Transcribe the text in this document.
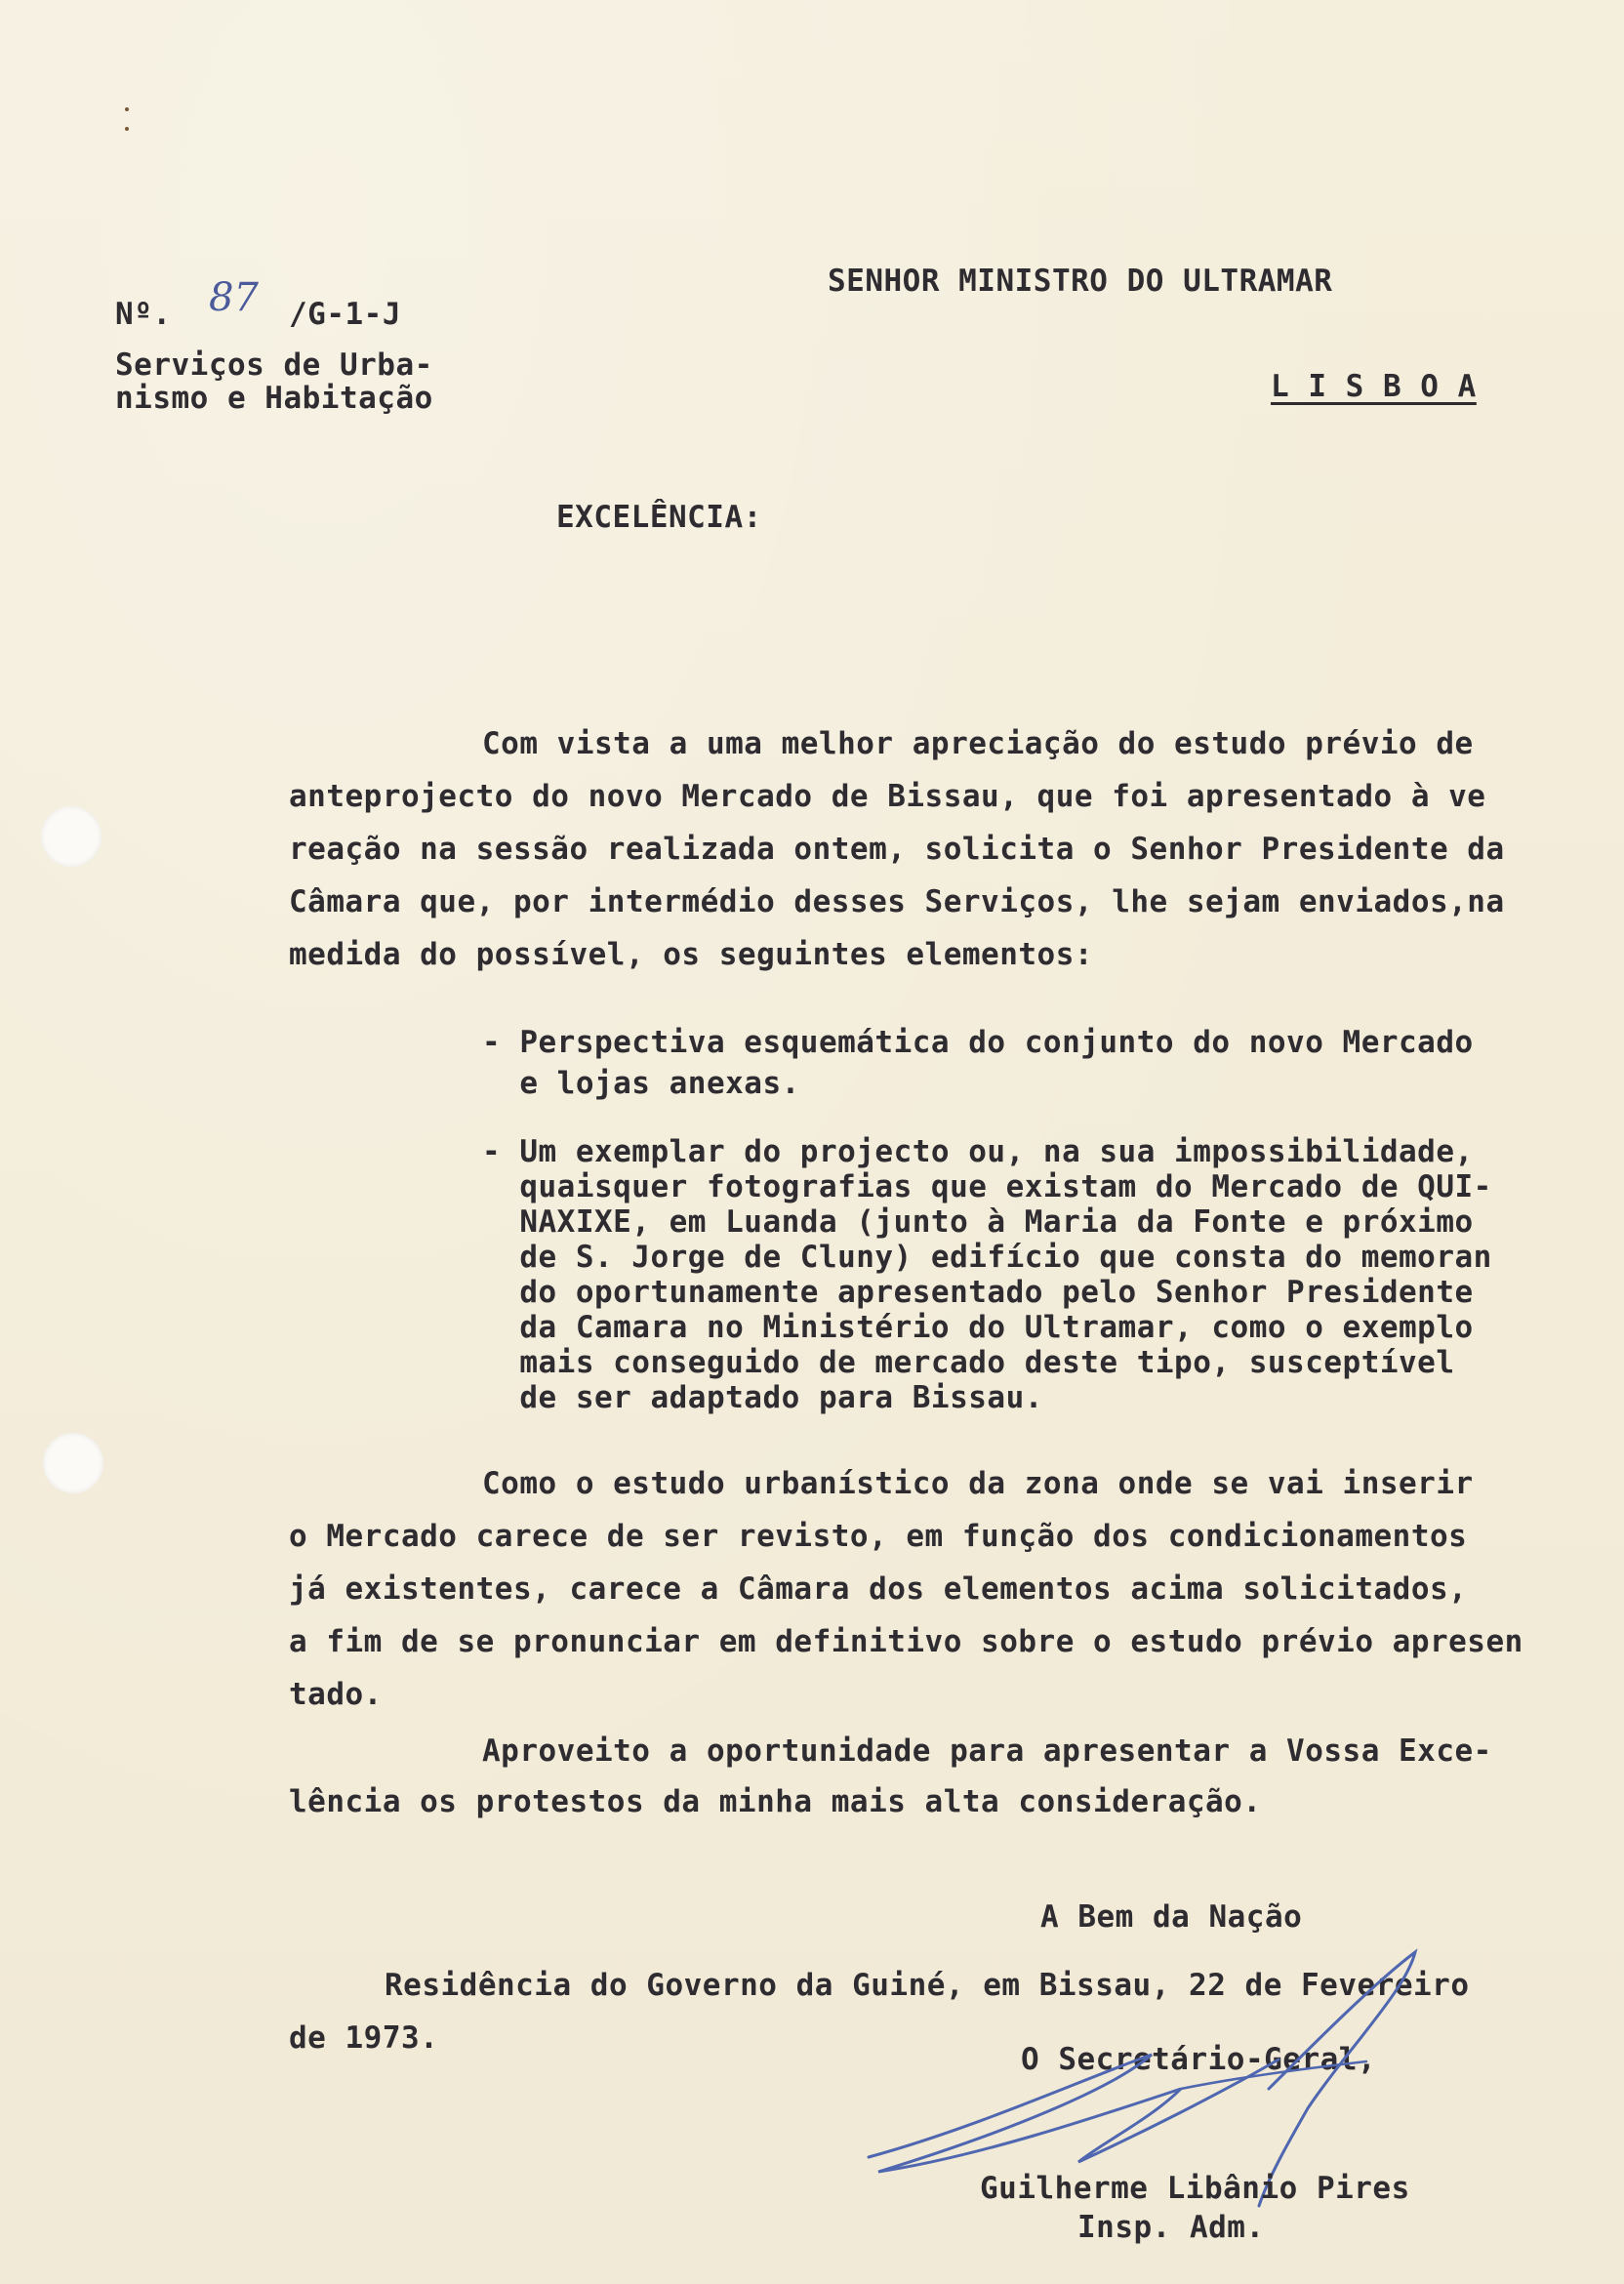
Nº. 87 /G-1-J
Serviços de Urba-
nismo e Habitação
SENHOR MINISTRO DO ULTRAMAR
L I S B O A
EXCELÊNCIA:
Com vista a uma melhor apreciação do estudo prévio de
anteprojecto do novo Mercado de Bissau, que foi apresentado à ve
reação na sessão realizada ontem, solicita o Senhor Presidente da
Câmara que, por intermédio desses Serviços, lhe sejam enviados,na
medida do possível, os seguintes elementos:
- Perspectiva esquemática do conjunto do novo Mercado
e lojas anexas.
- Um exemplar do projecto ou, na sua impossibilidade,
quaisquer fotografias que existam do Mercado de QUI-
NAXIXE, em Luanda (junto à Maria da Fonte e próximo
de S. Jorge de Cluny) edifício que consta do memoran
do oportunamente apresentado pelo Senhor Presidente
da Camara no Ministério do Ultramar, como o exemplo
mais conseguido de mercado deste tipo, susceptível
de ser adaptado para Bissau.
Como o estudo urbanístico da zona onde se vai inserir
o Mercado carece de ser revisto, em função dos condicionamentos
já existentes, carece a Câmara dos elementos acima solicitados,
a fim de se pronunciar em definitivo sobre o estudo prévio apresen
tado.
Aproveito a oportunidade para apresentar a Vossa Exce-
lência os protestos da minha mais alta consideração.
A Bem da Nação
Residência do Governo da Guiné, em Bissau, 22 de Fevereiro
de 1973.
O Secretário-Geral,
Guilherme Libânio Pires
Insp. Adm.
